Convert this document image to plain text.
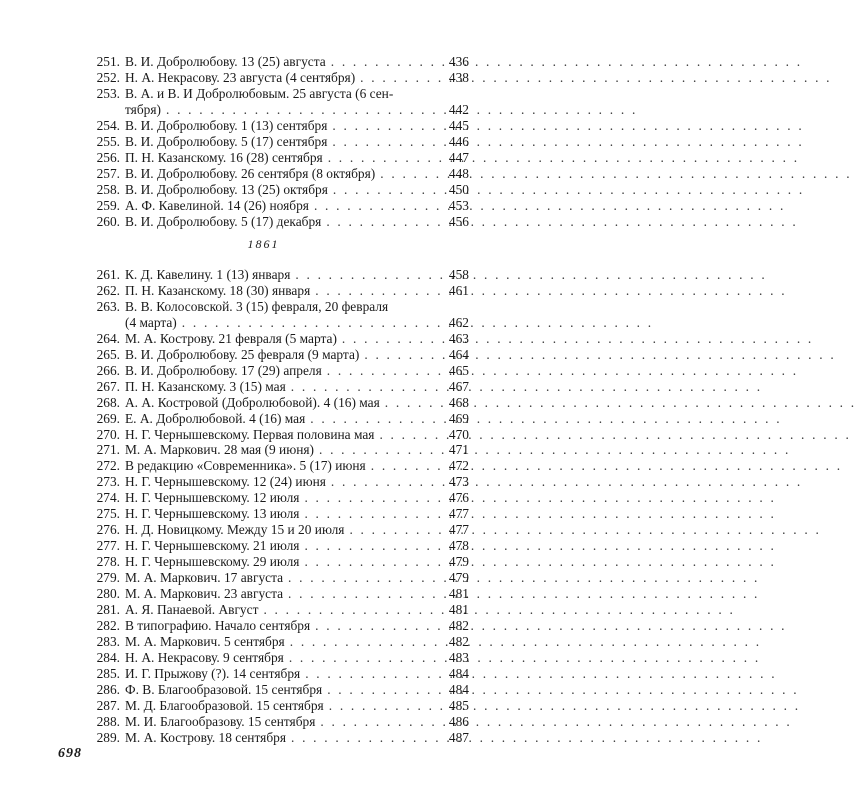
251. В. И. Добролюбову. 13 (25) августа . . .	436
252. Н. А. Некрасову. 23 августа (4 сентября) . . .	438
253. В. А. и В. И Добролюбовым. 25 августа (6 сен-
тября) . . .	442
254. В. И. Добролюбову. 1 (13) сентября . . .	445
255. В. И. Добролюбову. 5 (17) сентября . . .	446
256. П. Н. Казанскому. 16 (28) сентября . . .	447
257. В. И. Добролюбову. 26 сентября (8 октября) . . .	448
258. В. И. Добролюбову. 13 (25) октября . . .	450
259. А. Ф. Кавелиной. 14 (26) ноября . . .	453
260. В. И. Добролюбову. 5 (17) декабря . . .	456
1861
261. К. Д. Кавелину. 1 (13) января . . .	458
262. П. Н. Казанскому. 18 (30) января . . .	461
263. В. В. Колосовской. 3 (15) февраля, 20 февраля
(4 марта) . . .	462
264. М. А. Кострову. 21 февраля (5 марта) . . .	463
265. В. И. Добролюбову. 25 февраля (9 марта) . . .	464
266. В. И. Добролюбову. 17 (29) апреля . . .	465
267. П. Н. Казанскому. 3 (15) мая . . .	467
268. А. А. Костровой (Добролюбовой). 4 (16) мая . . .	468
269. Е. А. Добролюбовой. 4 (16) мая . . .	469
270. Н. Г. Чернышевскому. Первая половина мая . . .	470
271. М. А. Маркович. 28 мая (9 июня) . . .	471
272. В редакцию «Современника». 5 (17) июня . . .	472
273. Н. Г. Чернышевскому. 12 (24) июня . . .	473
274. Н. Г. Чернышевскому. 12 июля . . .	476
275. Н. Г. Чернышевскому. 13 июля . . .	477
276. Н. Д. Новицкому. Между 15 и 20 июля . . .	477
277. Н. Г. Чернышевскому. 21 июля . . .	478
278. Н. Г. Чернышевскому. 29 июля . . .	479
279. М. А. Маркович. 17 августа . . .	479
280. М. А. Маркович. 23 августа . . .	481
281. А. Я. Панаевой. Август . . .	481
282. В типографию. Начало сентября . . .	482
283. М. А. Маркович. 5 сентября . . .	482
284. Н. А. Некрасову. 9 сентября . . .	483
285. И. Г. Прыжову (?). 14 сентября . . .	484
286. Ф. В. Благообразовой. 15 сентября . . .	484
287. М. Д. Благообразовой. 15 сентября . . .	485
288. М. И. Благообразову. 15 сентября . . .	486
289. М. А. Кострову. 18 сентября . . .	487
698
